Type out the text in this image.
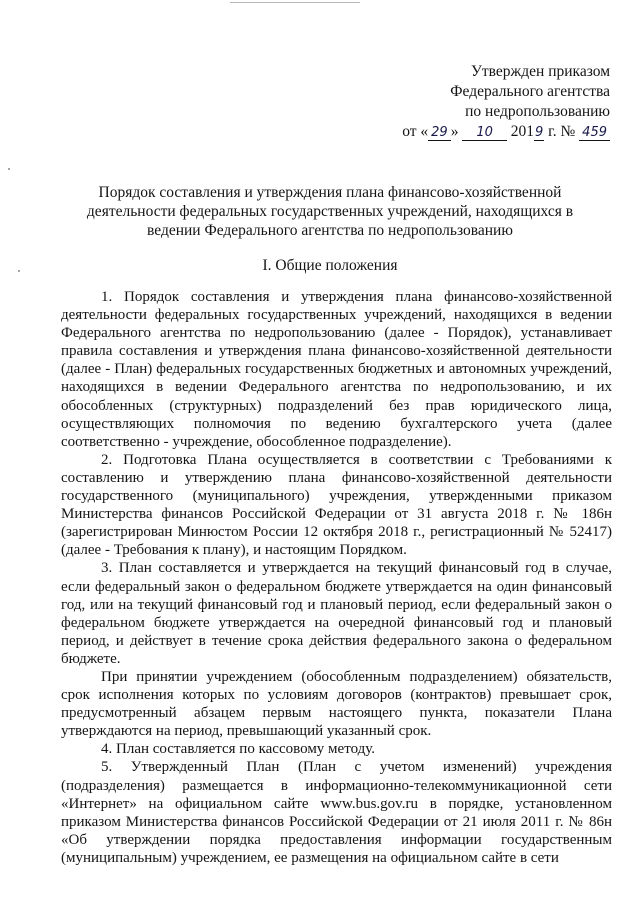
Утвержден приказом
Федерального агентства
по недропользованию
от « 29 » 10 2019 г. № 459
Порядок составления и утверждения плана финансово-хозяйственной деятельности федеральных государственных учреждений, находящихся в ведении Федерального агентства по недропользованию
I. Общие положения

1. Порядок составления и утверждения плана финансово-хозяйственной деятельности федеральных государственных учреждений, находящихся в ведении Федерального агентства по недропользованию (далее - Порядок), устанавливает правила составления и утверждения плана финансово-хозяйственной деятельности (далее - План) федеральных государственных бюджетных и автономных учреждений, находящихся в ведении Федерального агентства по недропользованию, и их обособленных (структурных) подразделений без прав юридического лица, осуществляющих полномочия по ведению бухгалтерского учета (далее соответственно - учреждение, обособленное подразделение).

2. Подготовка Плана осуществляется в соответствии с Требованиями к составлению и утверждению плана финансово-хозяйственной деятельности государственного (муниципального) учреждения, утвержденными приказом Министерства финансов Российской Федерации от 31 августа 2018 г. № 186н (зарегистрирован Минюстом России 12 октября 2018 г., регистрационный № 52417) (далее - Требования к плану), и настоящим Порядком.

3. План составляется и утверждается на текущий финансовый год в случае, если федеральный закон о федеральном бюджете утверждается на один финансовый год, или на текущий финансовый год и плановый период, если федеральный закон о федеральном бюджете утверждается на очередной финансовый год и плановый период, и действует в течение срока действия федерального закона о федеральном бюджете.

При принятии учреждением (обособленным подразделением) обязательств, срок исполнения которых по условиям договоров (контрактов) превышает срок, предусмотренный абзацем первым настоящего пункта, показатели Плана утверждаются на период, превышающий указанный срок.

4. План составляется по кассовому методу.

5. Утвержденный План (План с учетом изменений) учреждения (подразделения) размещается в информационно-телекоммуникационной сети «Интернет» на официальном сайте www.bus.gov.ru в порядке, установленном приказом Министерства финансов Российской Федерации от 21 июля 2011 г. № 86н «Об утверждении порядка предоставления информации государственным (муниципальным) учреждением, ее размещения на официальном сайте в сети
